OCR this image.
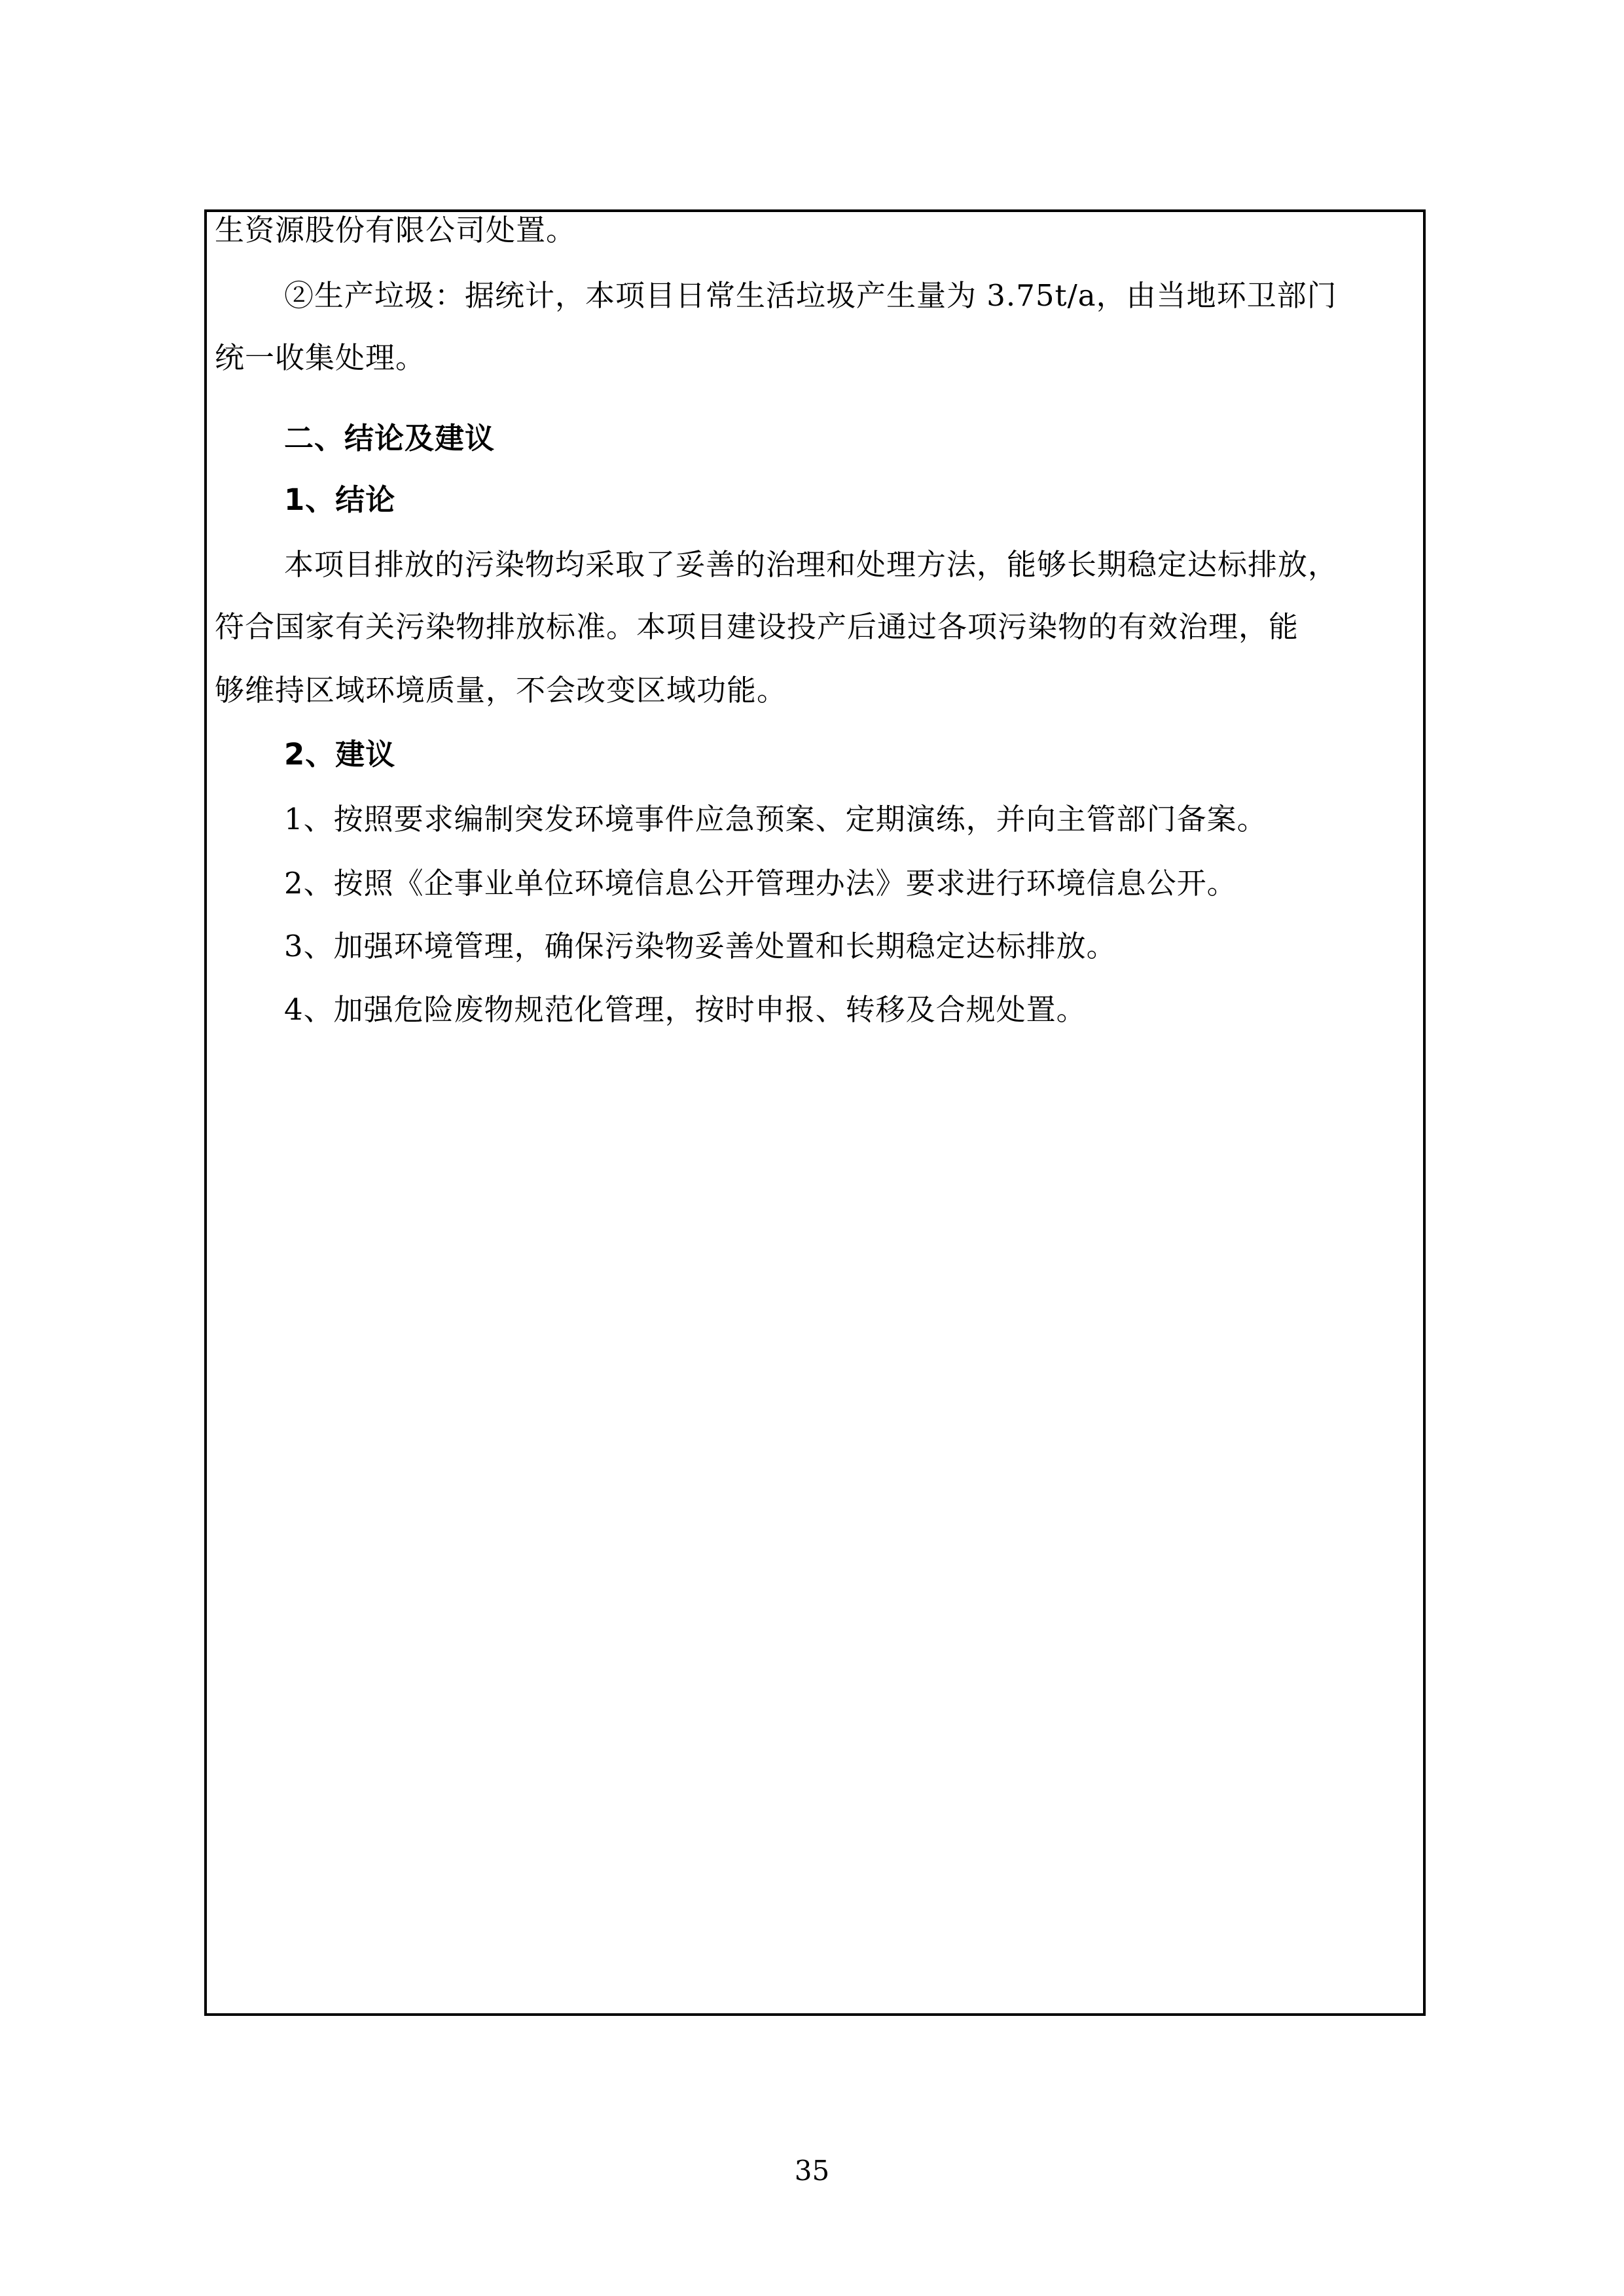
生资源股份有限公司处置。
②生产垃圾：据统计，本项目日常生活垃圾产生量为 3.75t/a，由当地环卫部门
统一收集处理。
二、结论及建议
1、结论
本项目排放的污染物均采取了妥善的治理和处理方法，能够长期稳定达标排放，
符合国家有关污染物排放标准。本项目建设投产后通过各项污染物的有效治理，能
够维持区域环境质量，不会改变区域功能。
2、建议
1、按照要求编制突发环境事件应急预案、定期演练，并向主管部门备案。
2、按照《企事业单位环境信息公开管理办法》要求进行环境信息公开。
3、加强环境管理，确保污染物妥善处置和长期稳定达标排放。
4、加强危险废物规范化管理，按时申报、转移及合规处置。
35
